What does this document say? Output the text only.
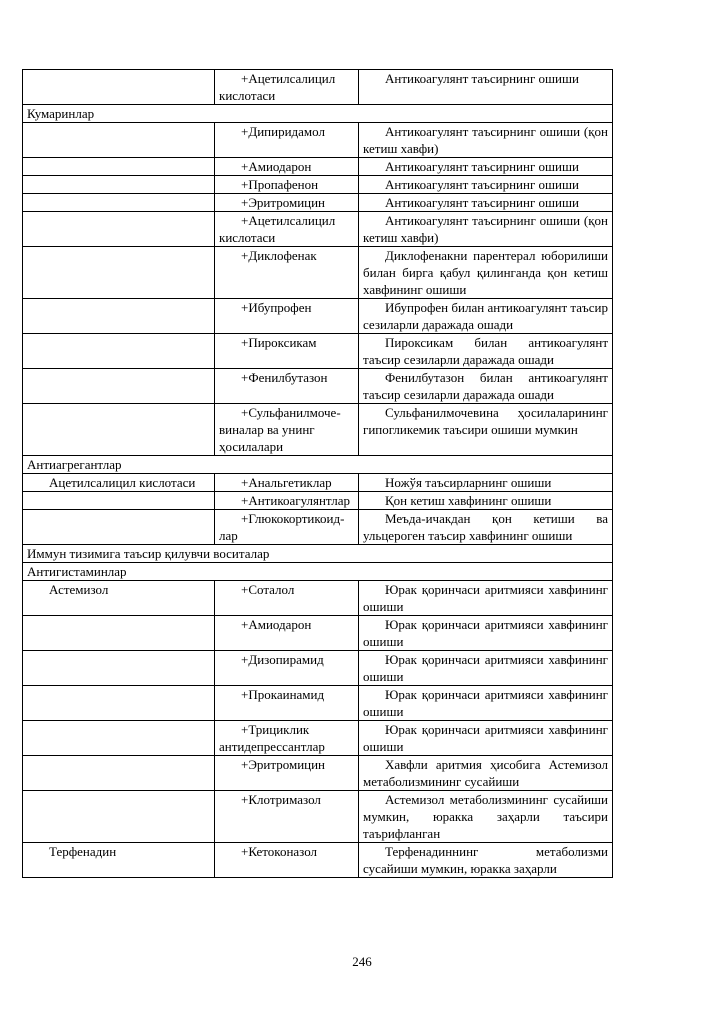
	+Ацетилсалицил кислотаси	Антикоагулянт таъсирнинг ошиши
Кумаринлар		
	+Дипиридамол	Антикоагулянт таъсирнинг ошиши (қон кетиш хавфи)
	+Амиодарон	Антикоагулянт таъсирнинг ошиши
	+Пропафенон	Антикоагулянт таъсирнинг ошиши
	+Эритромицин	Антикоагулянт таъсирнинг ошиши
	+Ацетилсалицил кислотаси	Антикоагулянт таъсирнинг ошиши (қон кетиш хавфи)
	+Диклофенак	Диклофенакни парентерал юборилиши билан бирга қабул қилинганда қон кетиш хавфининг ошиши
	+Ибупрофен	Ибупрофен билан антикоагулянт таъсир сезиларли даражада ошади
	+Пироксикам	Пироксикам билан антикоагулянт таъсир сезиларли даражада ошади
	+Фенилбутазон	Фенилбутазон билан антикоагулянт таъсир сезиларли даражада ошади
	+Сульфанилмоче-виналар ва унинг ҳосилалари	Сульфанилмочевина ҳосилаларининг гипогликемик таъсири ошиши мумкин
Антиагрегантлар		
Ацетилсалицил кислотаси	+Анальгетиклар	Ножўя таъсирларнинг ошиши
	+Антикоагулянтлар	Қон кетиш хавфининг ошиши
	+Глюкокортикоид-лар	Меъда-ичакдан қон кетиши ва ульцероген таъсир хавфининг ошиши
Иммун тизимига таъсир қилувчи воситалар		
Антигистаминлар		
Астемизол	+Соталол	Юрак қоринчаси аритмияси хавфининг ошиши
	+Амиодарон	Юрак қоринчаси аритмияси хавфининг ошиши
	+Дизопирамид	Юрак қоринчаси аритмияси хавфининг ошиши
	+Прокаинамид	Юрак қоринчаси аритмияси хавфининг ошиши
	+Трициклик антидепрессантлар	Юрак қоринчаси аритмияси хавфининг ошиши
	+Эритромицин	Хавфли аритмия ҳисобига Астемизол метаболизмининг сусайиши
	+Клотримазол	Астемизол метаболизмининг сусайиши мумкин, юракка заҳарли таъсири таърифланган
Терфенадин	+Кетоконазол	Терфенадиннинг метаболизми сусайиши мумкин, юракка заҳарли
246
